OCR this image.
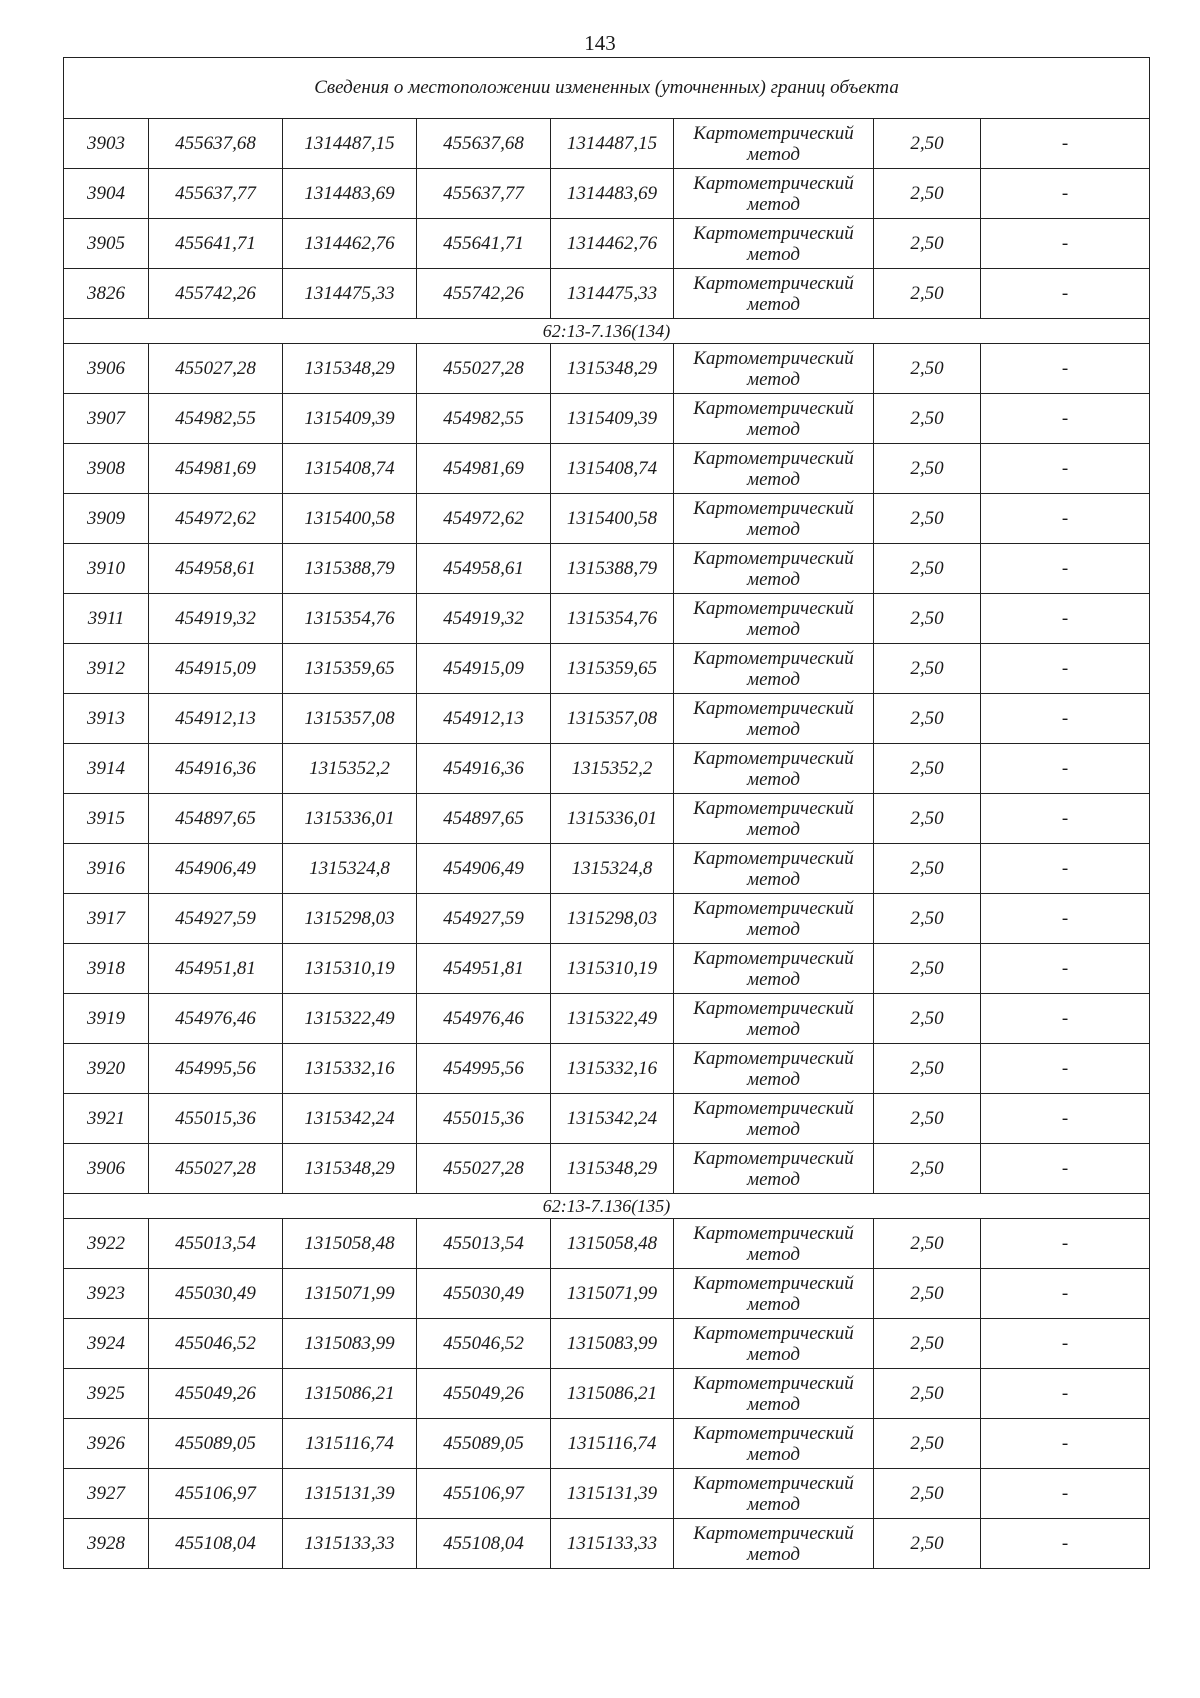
143
Сведения о местоположении измененных (уточненных) границ объекта							
3903	455637,68	1314487,15	455637,68	1314487,15	Картометрический
метод	2,50	-
3904	455637,77	1314483,69	455637,77	1314483,69	Картометрический
метод	2,50	-
3905	455641,71	1314462,76	455641,71	1314462,76	Картометрический
метод	2,50	-
3826	455742,26	1314475,33	455742,26	1314475,33	Картометрический
метод	2,50	-
62:13-7.136(134)							
3906	455027,28	1315348,29	455027,28	1315348,29	Картометрический
метод	2,50	-
3907	454982,55	1315409,39	454982,55	1315409,39	Картометрический
метод	2,50	-
3908	454981,69	1315408,74	454981,69	1315408,74	Картометрический
метод	2,50	-
3909	454972,62	1315400,58	454972,62	1315400,58	Картометрический
метод	2,50	-
3910	454958,61	1315388,79	454958,61	1315388,79	Картометрический
метод	2,50	-
3911	454919,32	1315354,76	454919,32	1315354,76	Картометрический
метод	2,50	-
3912	454915,09	1315359,65	454915,09	1315359,65	Картометрический
метод	2,50	-
3913	454912,13	1315357,08	454912,13	1315357,08	Картометрический
метод	2,50	-
3914	454916,36	1315352,2	454916,36	1315352,2	Картометрический
метод	2,50	-
3915	454897,65	1315336,01	454897,65	1315336,01	Картометрический
метод	2,50	-
3916	454906,49	1315324,8	454906,49	1315324,8	Картометрический
метод	2,50	-
3917	454927,59	1315298,03	454927,59	1315298,03	Картометрический
метод	2,50	-
3918	454951,81	1315310,19	454951,81	1315310,19	Картометрический
метод	2,50	-
3919	454976,46	1315322,49	454976,46	1315322,49	Картометрический
метод	2,50	-
3920	454995,56	1315332,16	454995,56	1315332,16	Картометрический
метод	2,50	-
3921	455015,36	1315342,24	455015,36	1315342,24	Картометрический
метод	2,50	-
3906	455027,28	1315348,29	455027,28	1315348,29	Картометрический
метод	2,50	-
62:13-7.136(135)							
3922	455013,54	1315058,48	455013,54	1315058,48	Картометрический
метод	2,50	-
3923	455030,49	1315071,99	455030,49	1315071,99	Картометрический
метод	2,50	-
3924	455046,52	1315083,99	455046,52	1315083,99	Картометрический
метод	2,50	-
3925	455049,26	1315086,21	455049,26	1315086,21	Картометрический
метод	2,50	-
3926	455089,05	1315116,74	455089,05	1315116,74	Картометрический
метод	2,50	-
3927	455106,97	1315131,39	455106,97	1315131,39	Картометрический
метод	2,50	-
3928	455108,04	1315133,33	455108,04	1315133,33	Картометрический
метод	2,50	-
